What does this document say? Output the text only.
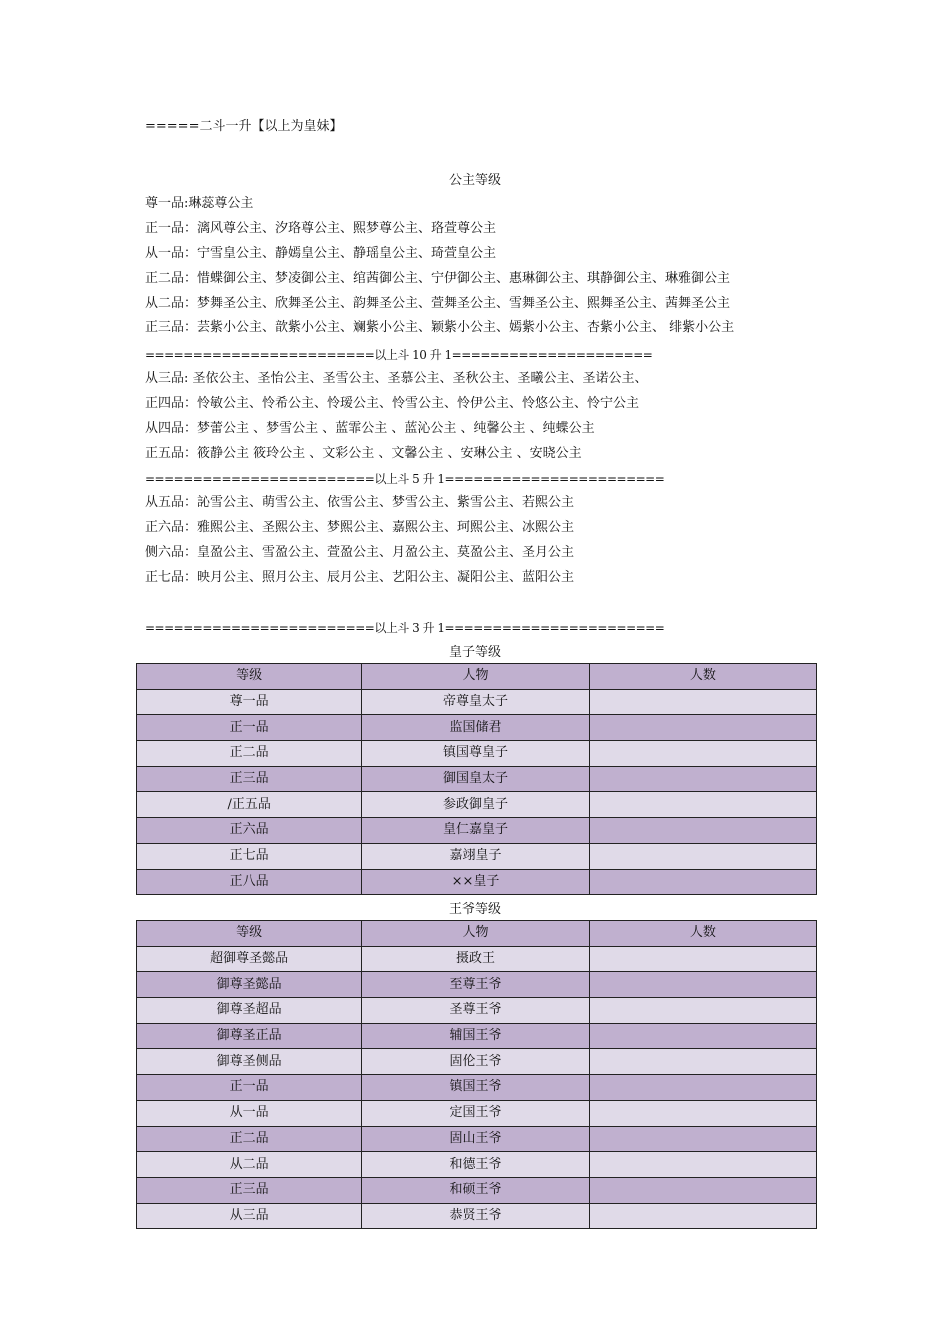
=====二斗一升【以上为皇妹】
公主等级
尊一品:琳蕊尊公主
正一品：漓风尊公主、汐珞尊公主、熙梦尊公主、珞萱尊公主
从一品：宁雪皇公主、静嫣皇公主、静瑶皇公主、琦萱皇公主
正二品：惜蝶御公主、梦凌御公主、绾茜御公主、宁伊御公主、惠琳御公主、琪静御公主、琳雅御公主
从二品：梦舞圣公主、欣舞圣公主、韵舞圣公主、萱舞圣公主、雪舞圣公主、熙舞圣公主、茜舞圣公主
正三品：芸紫小公主、歆紫小公主、斓紫小公主、颖紫小公主、嫣紫小公主、杏紫小公主、 绯紫小公主
========================以上斗 10 升 1=====================
从三品: 圣依公主、圣怡公主、圣雪公主、圣慕公主、圣秋公主、圣曦公主、圣诺公主、
正四品：怜敏公主、怜希公主、怜瑷公主、怜雪公主、怜伊公主、怜悠公主、怜宁公主
从四品：梦蕾公主 、梦雪公主 、蓝霏公主 、蓝沁公主 、纯馨公主 、纯蝶公主
正五品：筱静公主 筱玲公主 、文彩公主 、文馨公主 、安琳公主 、安晓公主
========================以上斗 5 升 1=======================
从五品：訫雪公主、萌雪公主、依雪公主、梦雪公主、紫雪公主、若熙公主
正六品：雅熙公主、圣熙公主、梦熙公主、嘉熙公主、珂熙公主、冰熙公主
侧六品：皇盈公主、雪盈公主、萱盈公主、月盈公主、莫盈公主、圣月公主
正七品：映月公主、照月公主、辰月公主、艺阳公主、凝阳公主、蓝阳公主
========================以上斗 3 升 1=======================
皇子等级
等级	人物	人数
尊一品	帝尊皇太子	
正一品	监国储君	
正二品	镇国尊皇子	
正三品	御国皇太子	
/正五品	参政御皇子	
正六品	皇仁嘉皇子	
正七品	嘉翊皇子	
正八品	××皇子	
王爷等级
等级	人物	人数
超御尊圣懿品	摄政王	
御尊圣懿品	至尊王爷	
御尊圣超品	圣尊王爷	
御尊圣正品	辅国王爷	
御尊圣侧品	固伦王爷	
正一品	镇国王爷	
从一品	定国王爷	
正二品	固山王爷	
从二品	和德王爷	
正三品	和硕王爷	
从三品	恭贤王爷	
